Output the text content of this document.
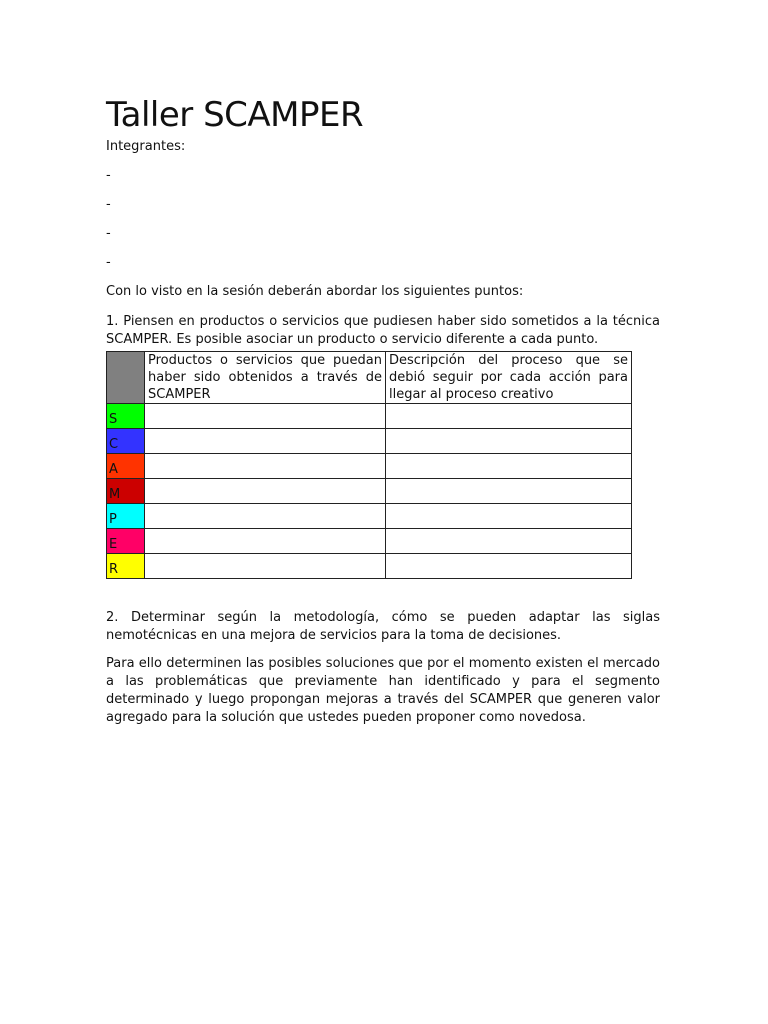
Taller SCAMPER

Integrantes:

-

-

-

-

Con lo visto en la sesión deberán abordar los siguientes puntos:

1. Piensen en productos o servicios que pudiesen haber sido sometidos a la técnica SCAMPER. Es posible asociar un producto o servicio diferente a cada punto.

	Productos o servicios que puedan haber sido obtenidos a través de SCAMPER	Descripción del proceso que se debió seguir por cada acción para llegar al proceso creativo
S		
C		
A		
M		
P		
E		
R		

2. Determinar según la metodología, cómo se pueden adaptar las siglas nemotécnicas en una mejora de servicios para la toma de decisiones.

Para ello determinen las posibles soluciones que por el momento existen el mercado a las problemáticas que previamente han identificado y para el segmento determinado y luego propongan mejoras a través del SCAMPER que generen valor agregado para la solución que ustedes pueden proponer como novedosa.
